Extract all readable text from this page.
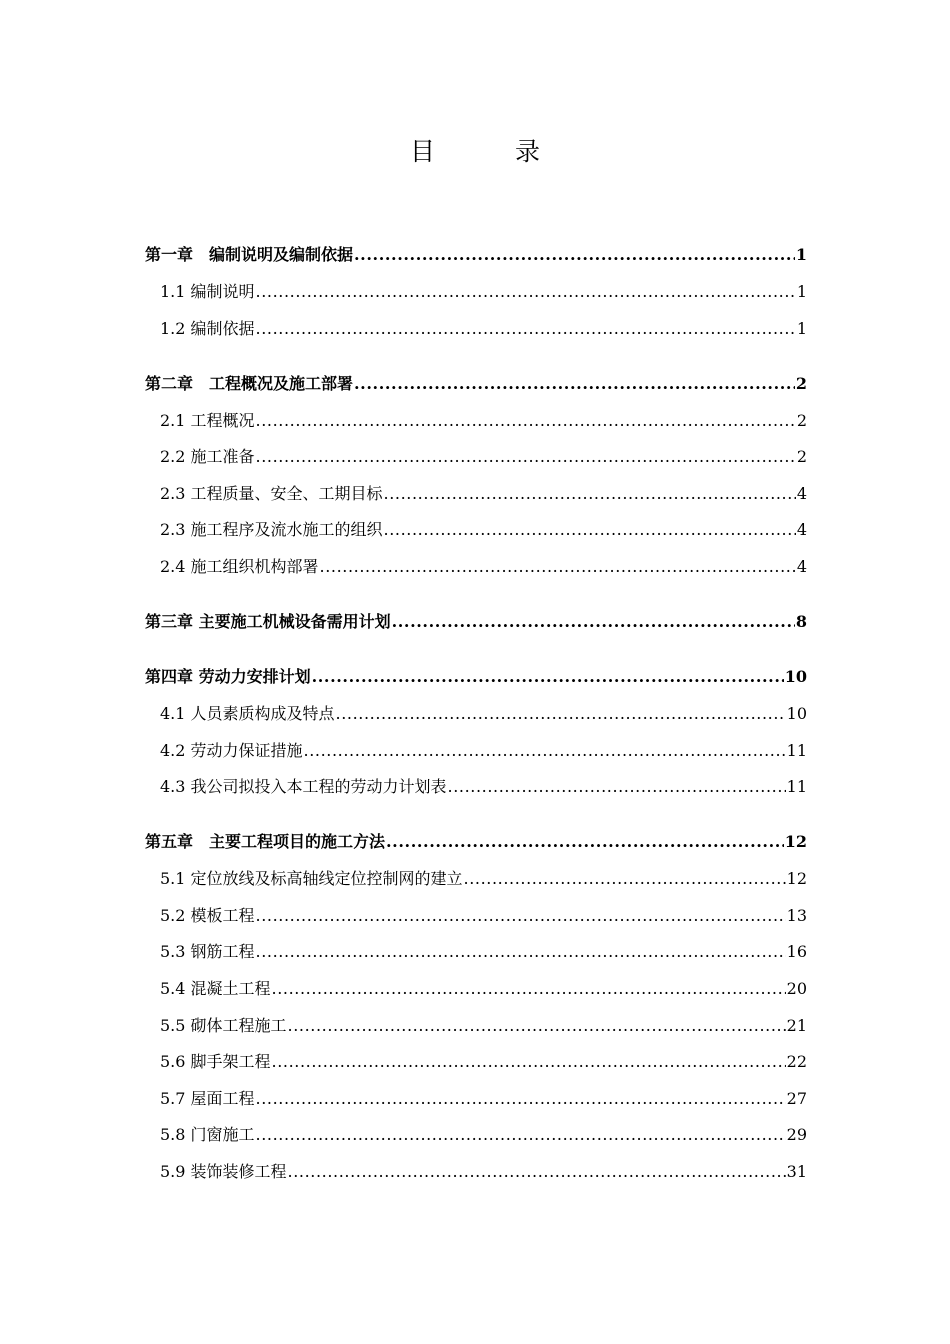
目 录
第一章　编制说明及编制依据 .....	1
1.1 编制说明 .....	1
1.2 编制依据 .....	1
第二章　工程概况及施工部署 .....	2
2.1 工程概况 .....	2
2.2 施工准备 .....	2
2.3 工程质量、安全、工期目标 .....	4
2.3 施工程序及流水施工的组织 .....	4
2.4 施工组织机构部署 .....	4
第三章 主要施工机械设备需用计划 .....	8
第四章 劳动力安排计划 .....	10
4.1 人员素质构成及特点 .....	10
4.2 劳动力保证措施 .....	11
4.3 我公司拟投入本工程的劳动力计划表 .....	11
第五章　主要工程项目的施工方法 .....	12
5.1 定位放线及标高轴线定位控制网的建立 .....	12
5.2 模板工程 .....	13
5.3 钢筋工程 .....	16
5.4 混凝土工程 .....	20
5.5 砌体工程施工 .....	21
5.6 脚手架工程 .....	22
5.7 屋面工程 .....	27
5.8 门窗施工 .....	29
5.9 装饰装修工程 .....	31
